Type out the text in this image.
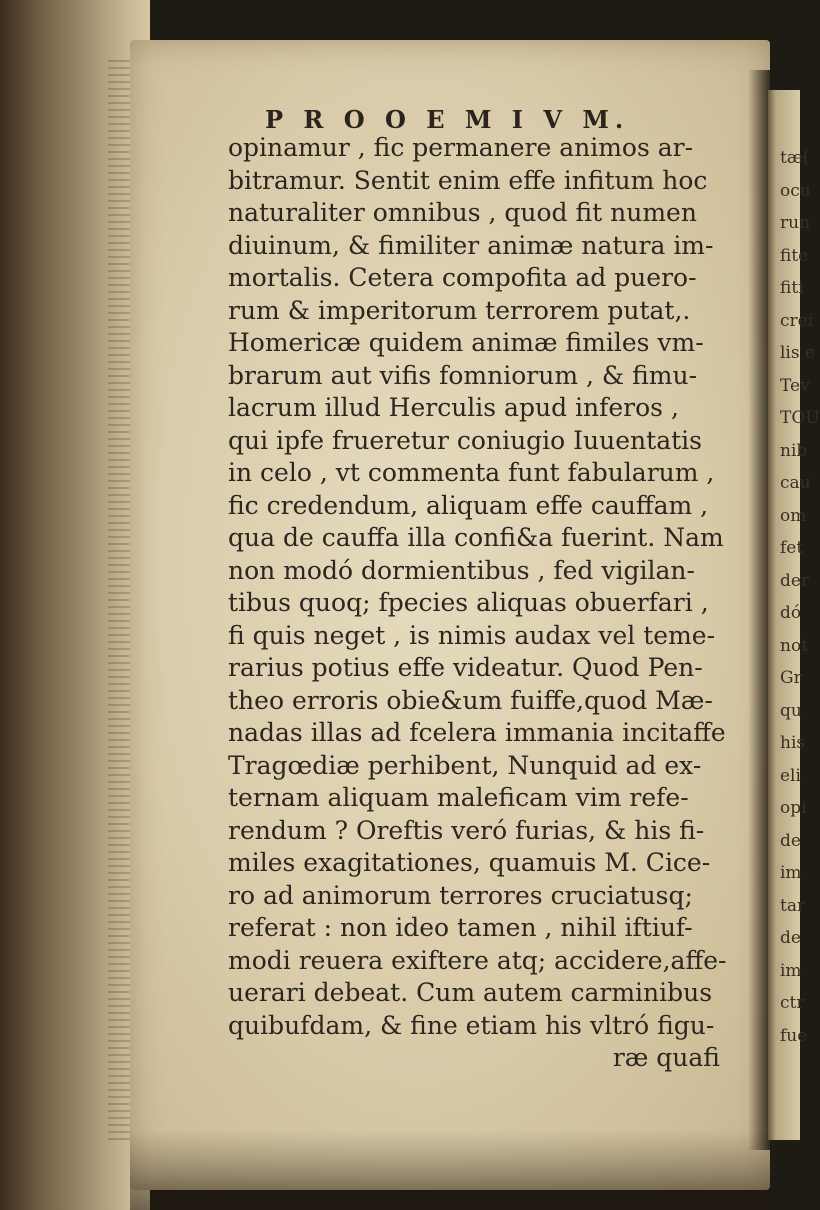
tæ(
ocu
run
fite
fiti
creí
lis e
Tev
TOU
nib
cau
om
fet
der
dó
not
Gr
qu
his
eli
opi
de
im
tar
de
im
ctr
fue
P R O O E M I V M.
opinamur , fic permanere animos ar-
bitramur. Sentit enim effe infitum hoc
naturaliter omnibus , quod fit numen
diuinum, & fimiliter animæ natura im-
mortalis. Cetera compofita ad puero-
rum & imperitorum terrorem putat,.
Homericæ quidem animæ fimiles vm-
brarum aut vifis fomniorum , & fimu-
lacrum illud Herculis apud inferos ,
qui ipfe frueretur coniugio Iuuentatis
in celo , vt commenta funt fabularum ,
fic credendum, aliquam effe cauffam ,
qua de cauffa illa confi&a fuerint. Nam
non modó dormientibus , fed vigilan-
tibus quoq; fpecies aliquas obuerfari ,
fi quis neget , is nimis audax vel teme-
rarius potius effe videatur. Quod Pen-
theo erroris obie&um fuiffe,quod Mæ-
nadas illas ad fcelera immania incitaffe
Tragœdiæ perhibent, Nunquid ad ex-
ternam aliquam maleficam vim refe-
rendum ? Oreftis veró furias, & his fi-
miles exagitationes, quamuis M. Cice-
ro ad animorum terrores cruciatusq;
referat : non ideo tamen , nihil iftiuf-
modi reuera exiftere atq; accidere,affe-
uerari debeat. Cum autem carminibus
quibufdam, & fine etiam his vltró figu-
ræ quafi
